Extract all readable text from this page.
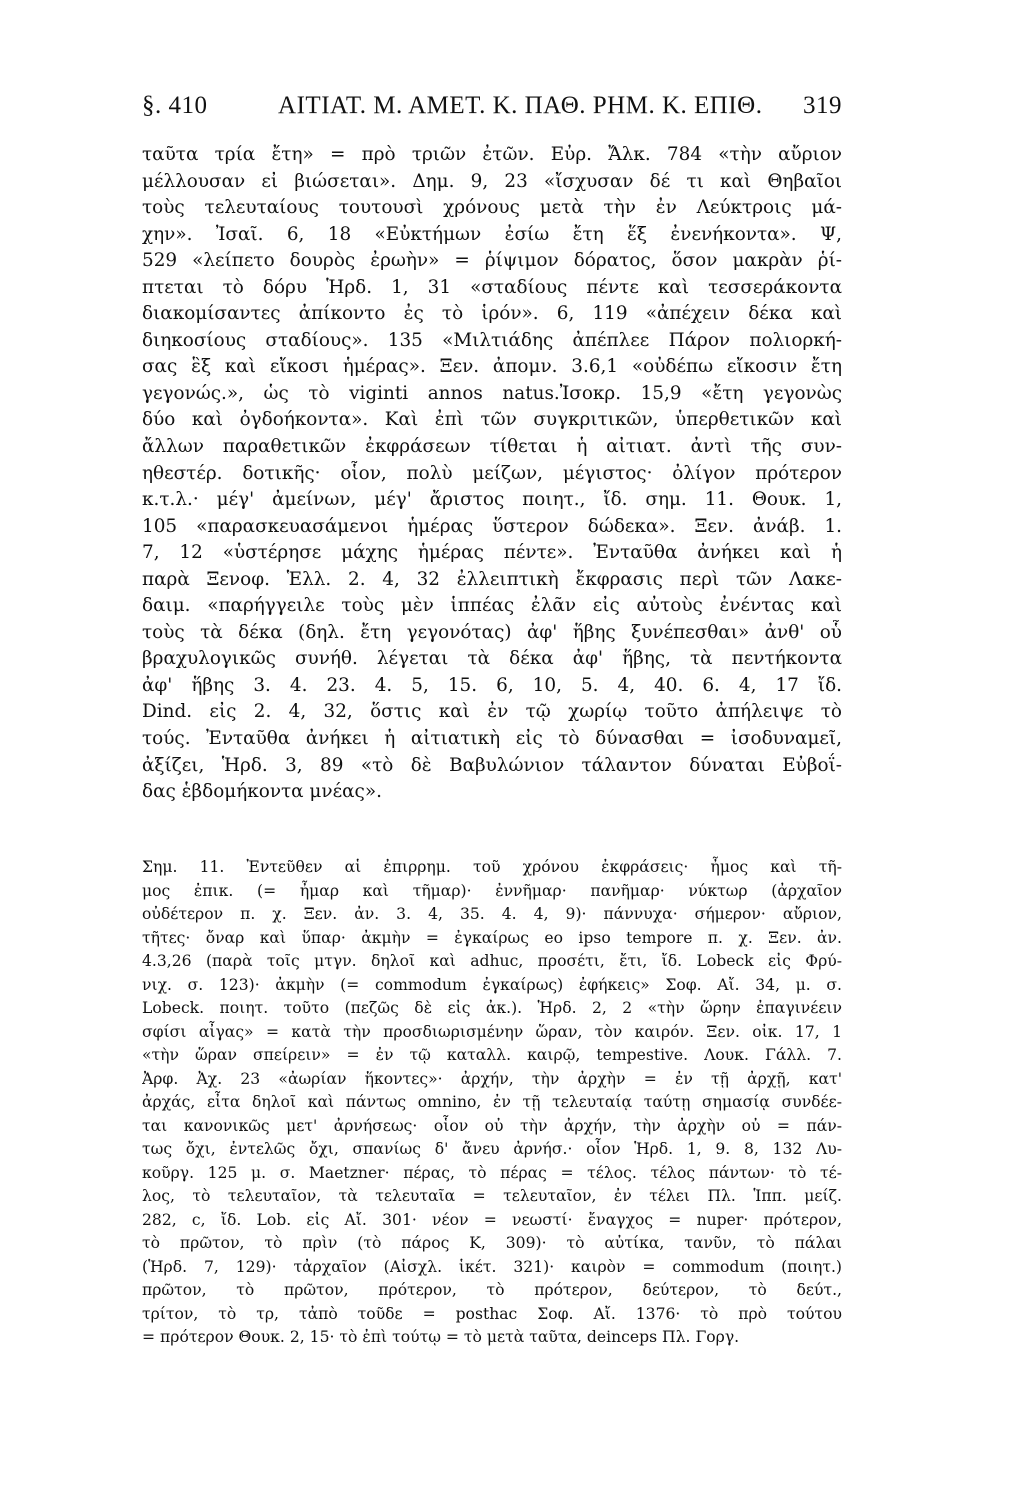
§. 410	ΑΙΤΙΑΤ. Μ. ΑΜΕΤ. Κ. ΠΑΘ. ΡΗΜ. Κ. ΕΠΙΘ.	319
ταῦτα τρία ἔτη» = πρὸ τριῶν ἐτῶν. Εὐρ. Ἄλκ. 784 «τὴν αὔριον
μέλλουσαν εἰ βιώσεται». Δημ. 9, 23 «ἴσχυσαν δέ τι καὶ Θηβαῖοι
τοὺς τελευταίους τουτουσὶ χρόνους μετὰ τὴν ἐν Λεύκτροις μά-
χην». Ἰσαῖ. 6, 18 «Εὐκτήμων ἐσίω ἔτη ἕξ ἐνενήκοντα». Ψ,
529 «λείπετο δουρὸς ἐρωὴν» = ῥίψιμον δόρατος, ὅσον μακρὰν ῥί-
πτεται τὸ δόρυ Ἡρδ. 1, 31 «σταδίους πέντε καὶ τεσσεράκοντα
διακομίσαντες ἀπίκοντο ἐς τὸ ἱρόν». 6, 119 «ἀπέχειν δέκα καὶ
διηκοσίους σταδίους». 135 «Μιλτιάδης ἀπέπλεε Πάρον πολιορκή-
σας ἓξ καὶ εἴκοσι ἡμέρας». Ξεν. ἀπομν. 3.6,1 «οὐδέπω εἴκοσιν ἔτη
γεγονώς.», ὡς τὸ viginti annos natus.Ἰσοκρ. 15,9 «ἔτη γεγονὼς
δύο καὶ ὀγδοήκοντα». Καὶ ἐπὶ τῶν συγκριτικῶν, ὑπερθετικῶν καὶ
ἄλλων παραθετικῶν ἐκφράσεων τίθεται ἡ αἰτιατ. ἀντὶ τῆς συν-
ηθεστέρ. δοτικῆς· οἷον, πολὺ μείζων, μέγιστος· ὀλίγον πρότερον
κ.τ.λ.· μέγ' ἀμείνων, μέγ' ἄριστος ποιητ., ἴδ. σημ. 11. Θουκ. 1,
105 «παρασκευασάμενοι ἡμέρας ὕστερον δώδεκα». Ξεν. ἀνάβ. 1.
7, 12 «ὑστέρησε μάχης ἡμέρας πέντε». Ἐνταῦθα ἀνήκει καὶ ἡ
παρὰ Ξενοφ. Ἑλλ. 2. 4, 32 ἐλλειπτικὴ ἔκφρασις περὶ τῶν Λακε-
δαιμ. «παρήγγειλε τοὺς μὲν ἱππέας ἐλᾶν εἰς αὐτοὺς ἐνέντας καὶ
τοὺς τὰ δέκα (δηλ. ἔτη γεγονότας) ἀφ' ἥβης ξυνέπεσθαι» ἀνθ' οὗ
βραχυλογικῶς συνήθ. λέγεται τὰ δέκα ἀφ' ἥβης, τὰ πεντήκοντα
ἀφ' ἥβης 3. 4. 23. 4. 5, 15. 6, 10, 5. 4, 40. 6. 4, 17 ἴδ.
Dind. εἰς 2. 4, 32, ὅστις καὶ ἐν τῷ χωρίῳ τοῦτο ἀπήλειψε τὸ
τούς. Ἐνταῦθα ἀνήκει ἡ αἰτιατικὴ εἰς τὸ δύνασθαι = ἰσοδυναμεῖ,
ἀξίζει, Ἡρδ. 3, 89 «τὸ δὲ Βαβυλώνιον τάλαντον δύναται Εὐβοΐ-
δας ἑβδομήκοντα μνέας».
Σημ. 11. Ἐντεῦθεν αἱ ἐπιρρημ. τοῦ χρόνου ἐκφράσεις· ἦμος καὶ τῆ-
μος ἐπικ. (= ἦμαρ καὶ τῆμαρ)· ἐννῆμαρ· πανῆμαρ· νύκτωρ (ἀρχαῖον
οὐδέτερον π. χ. Ξεν. ἀν. 3. 4, 35. 4. 4, 9)· πάννυχα· σήμερον· αὔριον,
τῆτες· ὄναρ καὶ ὕπαρ· ἀκμὴν = ἐγκαίρως eo ipso tempore π. χ. Ξεν. ἀν.
4.3,26 (παρὰ τοῖς μτγν. δηλοῖ καὶ adhuc, προσέτι, ἔτι, ἴδ. Lobeck εἰς Φρύ-
νιχ. σ. 123)· ἀκμὴν (= commodum ἐγκαίρως) ἐφήκεις» Σοφ. Αἴ. 34, μ. σ.
Lobeck. ποιητ. τοῦτο (πεζῶς δὲ εἰς ἀκ.). Ἡρδ. 2, 2 «τὴν ὥρην ἐπαγινέειν
σφίσι αἶγας» = κατὰ τὴν προσδιωρισμένην ὥραν, τὸν καιρόν. Ξεν. οἰκ. 17, 1
«τὴν ὥραν σπείρειν» = ἐν τῷ καταλλ. καιρῷ, tempestive. Λουκ. Γάλλ. 7.
Ἀρφ. Ἀχ. 23 «ἀωρίαν ἥκοντες»· ἀρχήν, τὴν ἀρχὴν = ἐν τῇ ἀρχῇ, κατ'
ἀρχάς, εἶτα δηλοῖ καὶ πάντως omnino, ἐν τῇ τελευταίᾳ ταύτῃ σημασίᾳ συνδέε-
ται κανονικῶς μετ' ἀρνήσεως· οἷον οὐ τὴν ἀρχήν, τὴν ἀρχὴν οὐ = πάν-
τως ὄχι, ἐντελῶς ὄχι, σπανίως δ' ἄνευ ἀρνήσ.· οἷον Ἡρδ. 1, 9. 8, 132 Λυ-
κοῦργ. 125 μ. σ. Maetzner· πέρας, τὸ πέρας = τέλος. τέλος πάντων· τὸ τέ-
λος, τὸ τελευταῖον, τὰ τελευταῖα = τελευταῖον, ἐν τέλει Πλ. Ἱππ. μείζ.
282, c, ἴδ. Lob. εἰς Αἴ. 301· νέον = νεωστί· ἔναγχος = nuper· πρότερον,
τὸ πρῶτον, τὸ πρὶν (τὸ πάρος Κ, 309)· τὸ αὐτίκα, τανῦν, τὸ πάλαι
(Ἡρδ. 7, 129)· τἀρχαῖον (Αἰσχλ. ἱκέτ. 321)· καιρὸν = commodum (ποιητ.)
πρῶτον, τὸ πρῶτον, πρότερον, τὸ πρότερον, δεύτερον, τὸ δεύτ.,
τρίτον, τὸ τρ, τἀπὸ τοῦδε = posthac Σοφ. Αἴ. 1376· τὸ πρὸ τούτου
= πρότερον Θουκ. 2, 15· τὸ ἐπὶ τούτῳ = τὸ μετὰ ταῦτα, deinceps Πλ. Γοργ.
